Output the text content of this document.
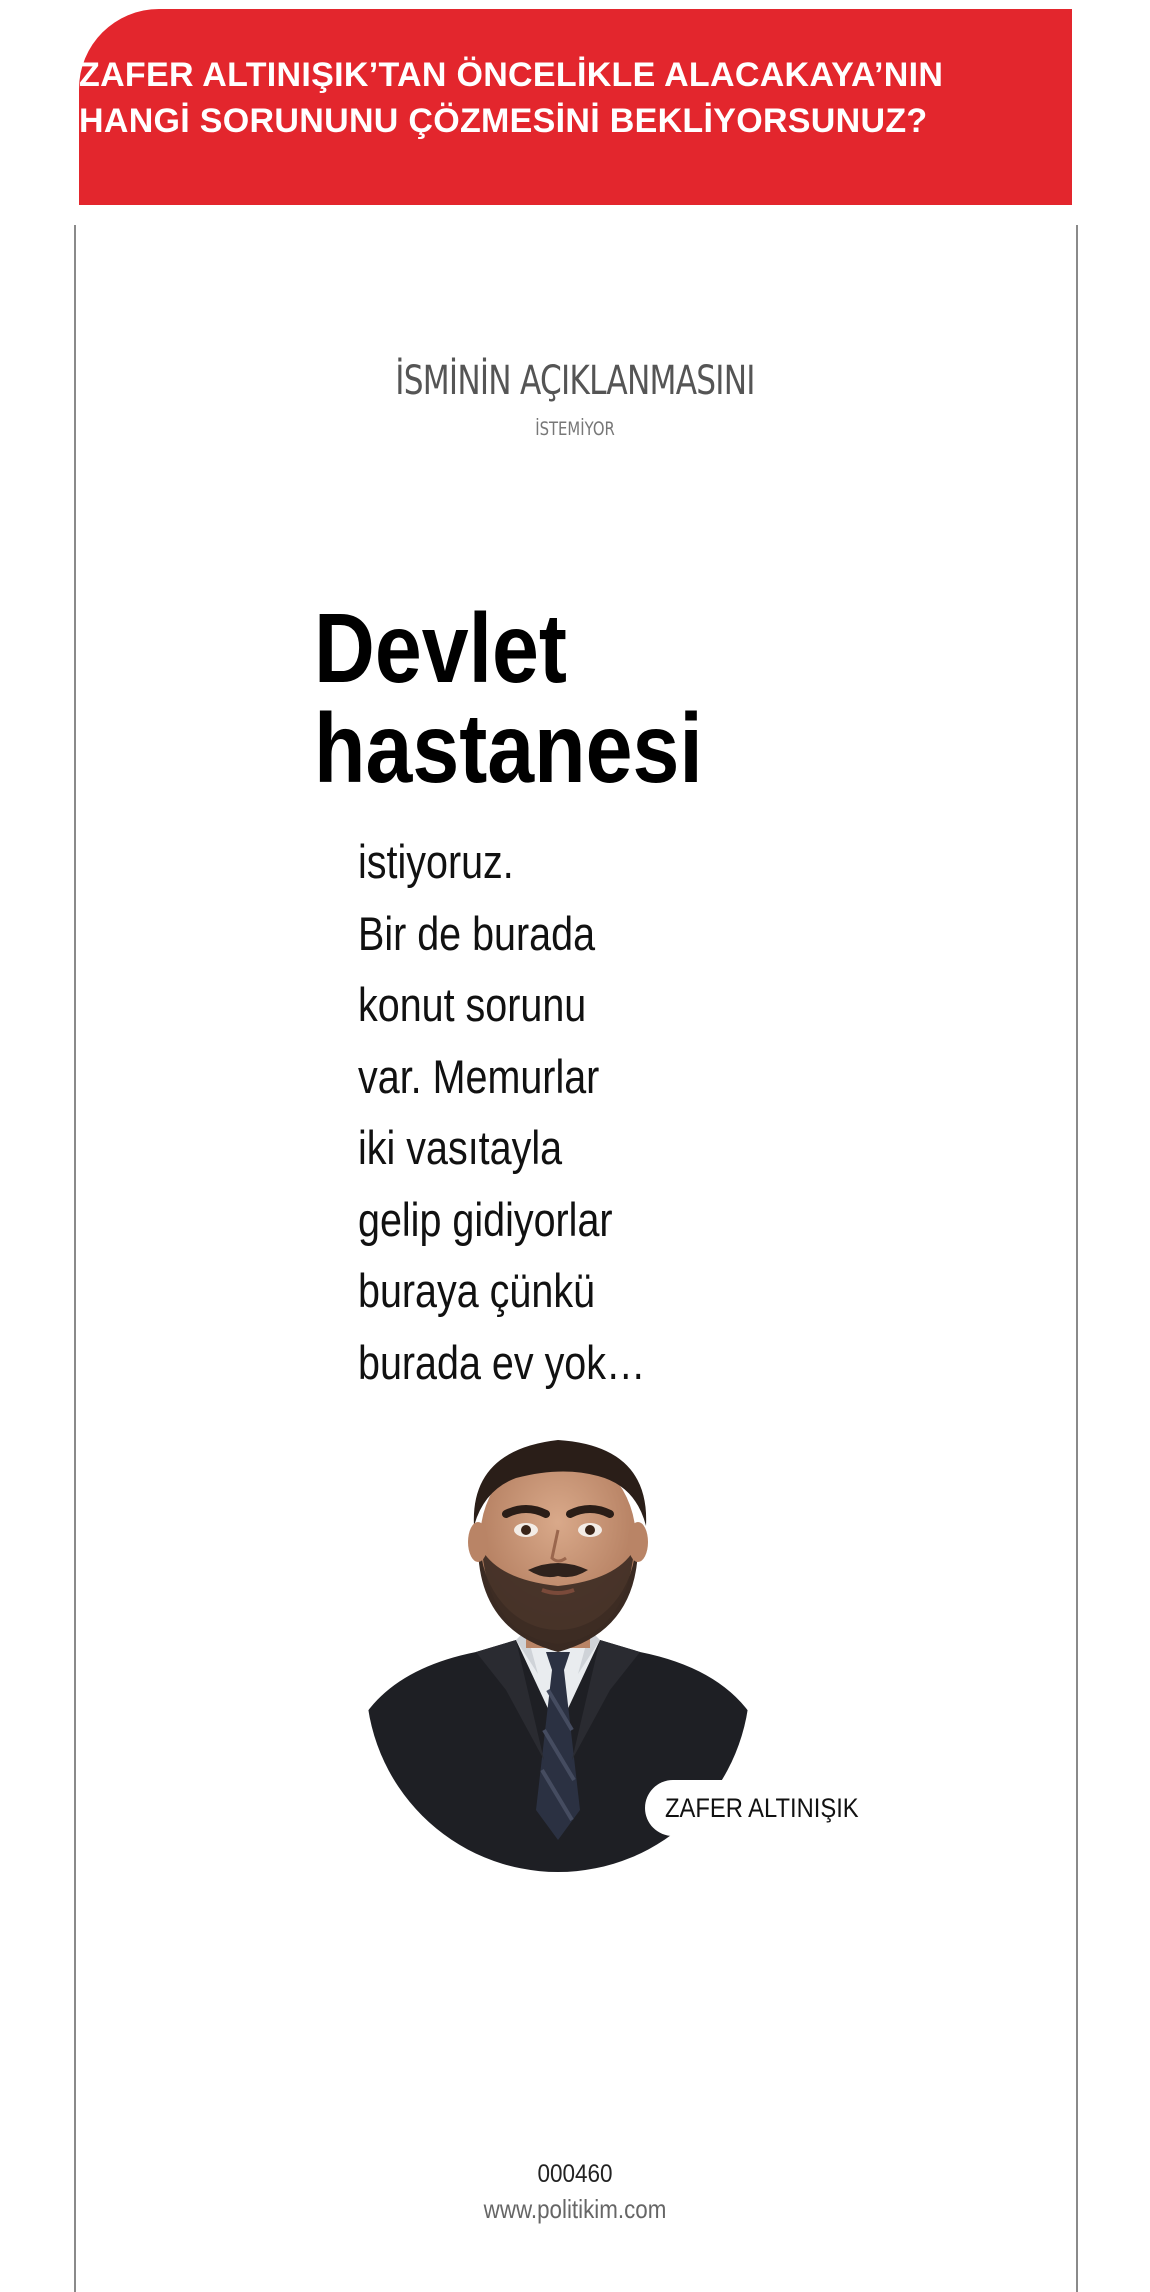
ZAFER ALTINIŞIK’TAN ÖNCELİKLE ALACAKAYA’NIN
HANGİ SORUNUNU ÇÖZMESİNİ BEKLİYORSUNUZ?
İSMİNİN AÇIKLANMASINI
İSTEMİYOR
Devlet
hastanesi
istiyoruz.
Bir de burada
konut sorunu
var. Memurlar
iki vasıtayla
gelip gidiyorlar
buraya çünkü
burada ev yok…
ZAFER ALTINIŞIK
000460
www.politikim.com
